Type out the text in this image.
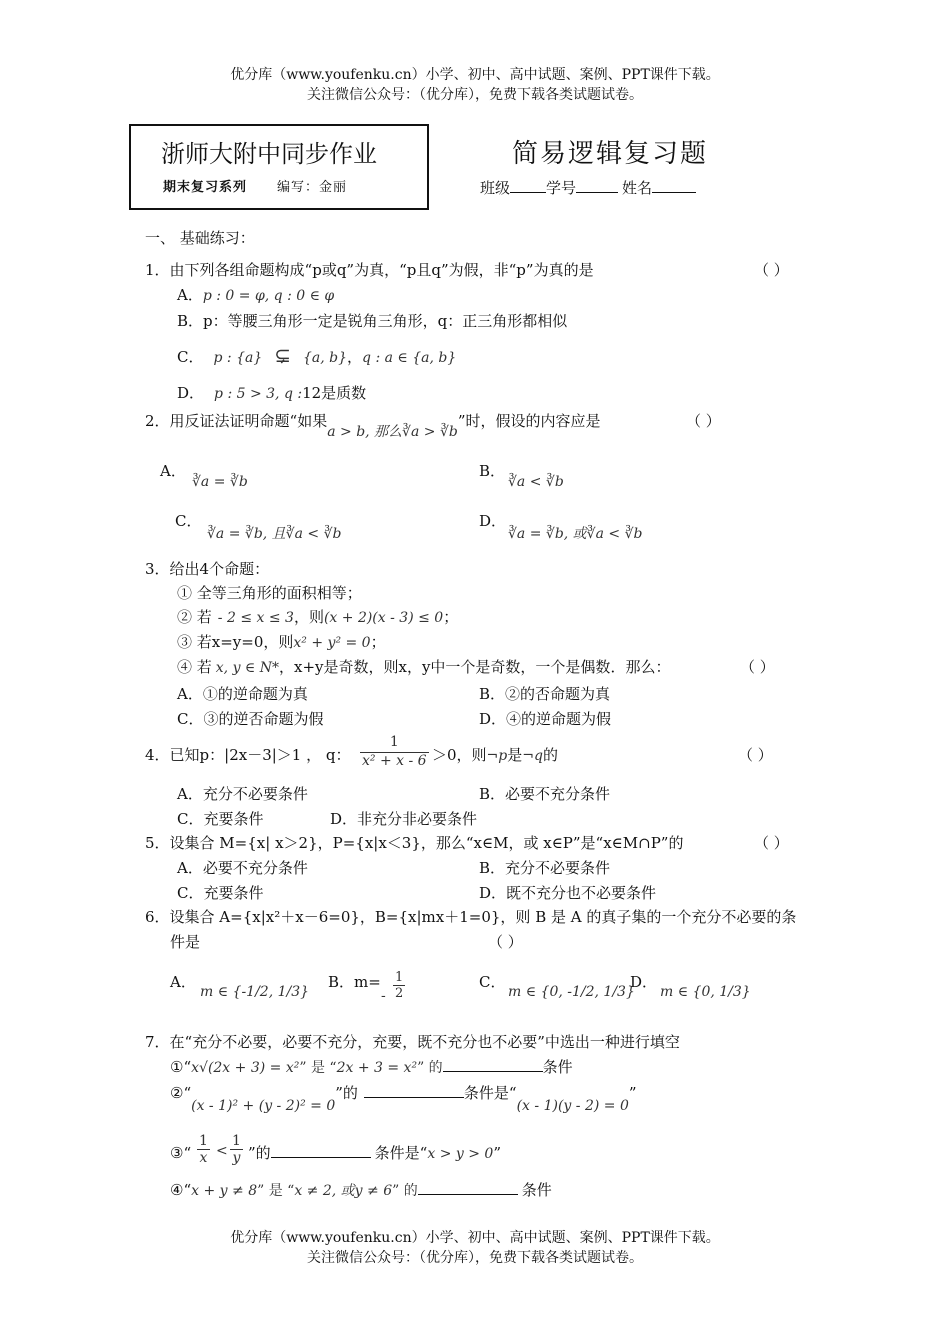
优分库（www.youfenku.cn）小学、初中、高中试题、案例、PPT课件下载。
关注微信公众号：（优分库），免费下载各类试题试卷。
浙师大附中同步作业
期末复习系列 编写：金丽
简易逻辑复习题
班级 学号	姓名
一、 基础练习：
1．由下列各组命题构成“p或q”为真，“p且q”为假，非“p”为真的是	（ ）
A．p : 0 = φ, q : 0 ∈ φ
B．p：等腰三角形一定是锐角三角形，q：正三角形都相似
C． p : {a} ⊊ {a, b}，q : a ∈ {a, b}
D． p : 5 > 3, q :12是质数
2．用反证法证明命题“如果a > b, 那么∛a > ∛b”时，假设的内容应是	（ ）
A．
∛a = ∛b
B．
∛a < ∛b
C．
∛a = ∛b, 且∛a < ∛b
D．
∛a = ∛b, 或∛a < ∛b
3．给出4个命题：
① 全等三角形的面积相等；
② 若 - 2 ≤ x ≤ 3，则(x + 2)(x - 3) ≤ 0；
③ 若x=y=0，则x² + y² = 0；
④ 若 x, y ∈ N*，x+y是奇数，则x，y中一个是奇数，一个是偶数．那么：	（ ）
A．①的逆命题为真	B．②的否命题为真
C．③的逆否命题为假	D．④的逆命题为假
4．已知p：|2x－3|＞1 ， q： $\frac{1}{\text{x² + x - 6}} >0$，则¬p是¬q的	（ ）
A．充分不必要条件	B．必要不充分条件
C．充要条件	D．非充分非必要条件
5．设集合 M={x| x＞2}，P={x|x＜3}，那么“x∈M，或 x∈P”是“x∈M∩P”的	（ ）
A．必要不充分条件	B．充分不必要条件
C．充要条件	D．既不充分也不必要条件
6．设集合 A={x|x²＋x－6=0}，B={x|mx＋1=0}，则 B 是 A 的真子集的一个充分不必要的条
件是	（ ）
A．
m ∈ {-1/2, 1/3}
B．m=
- $\frac{1}{2}$	C．
m ∈ {0, -1/2, 1/3}
D．
m ∈ {0, 1/3}
7．在“充分不必要，必要不充分，充要，既不充分也不必要”中选出一种进行填空
①“x√(2x + 3) = x²” 是 “2x + 3 = x²” 的	条件
②“(x - 1)² + (y - 2)² = 0”的	条件是“(x - 1)(y - 2) = 0”
③“ $\frac{1}{x} < \frac{1}{y}$ ”的	条件是“x > y > 0”
④“x + y ≠ 8” 是 “x ≠ 2, 或y ≠ 6” 的	条件
优分库（www.youfenku.cn）小学、初中、高中试题、案例、PPT课件下载。
关注微信公众号：（优分库），免费下载各类试题试卷。
